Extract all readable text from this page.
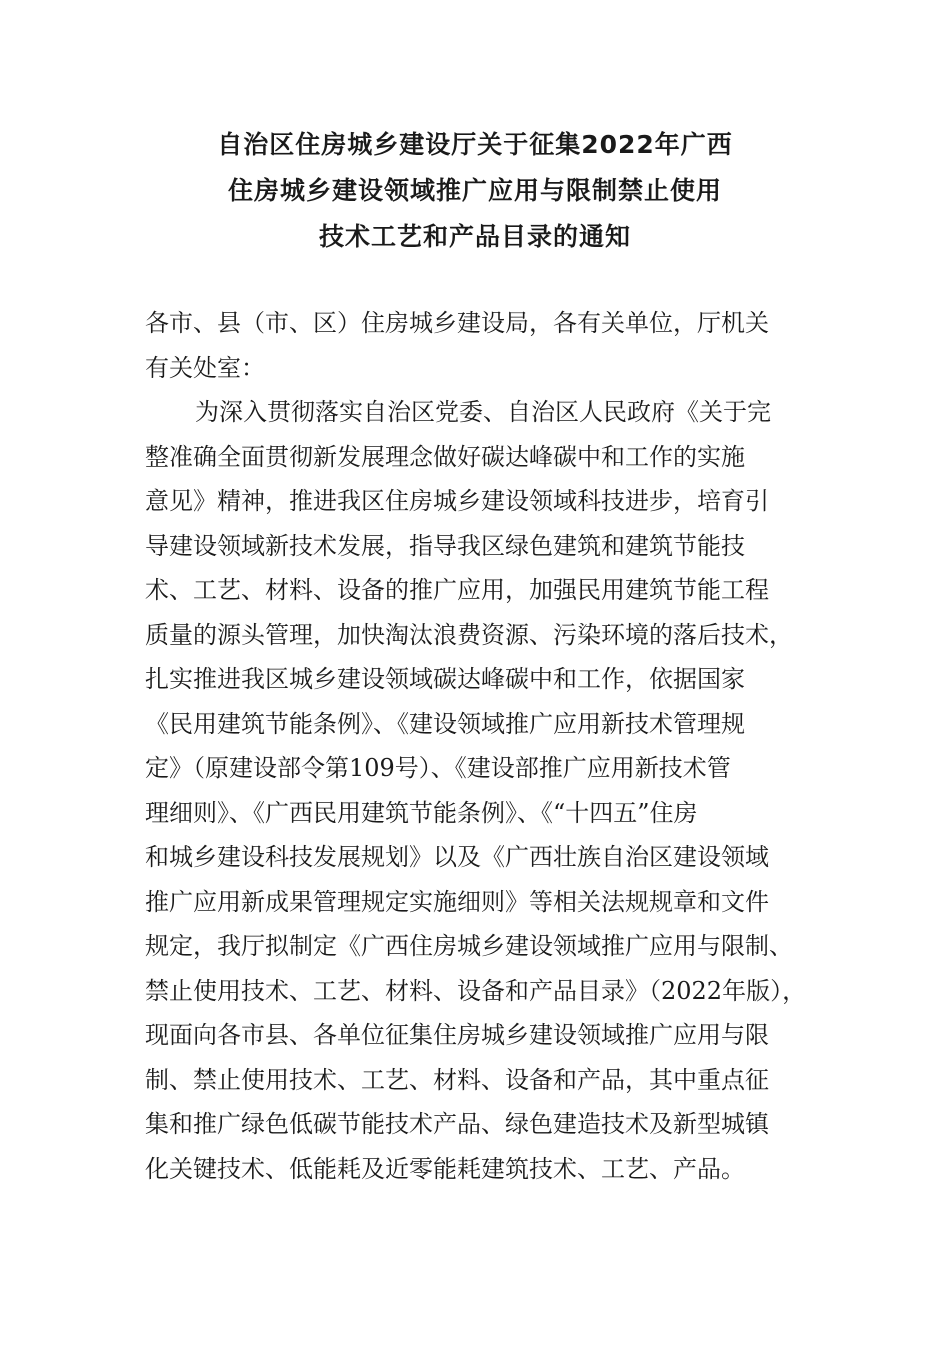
自治区住房城乡建设厅关于征集2022年广西
住房城乡建设领域推广应用与限制禁止使用
技术工艺和产品目录的通知
各市、县（市、区）住房城乡建设局，各有关单位，厅机关
有关处室：
为深入贯彻落实自治区党委、自治区人民政府《关于完
整准确全面贯彻新发展理念做好碳达峰碳中和工作的实施
意见》精神，推进我区住房城乡建设领域科技进步，培育引
导建设领域新技术发展，指导我区绿色建筑和建筑节能技
术、工艺、材料、设备的推广应用，加强民用建筑节能工程
质量的源头管理，加快淘汰浪费资源、污染环境的落后技术，
扎实推进我区城乡建设领域碳达峰碳中和工作，依据国家
《民用建筑节能条例》、《建设领域推广应用新技术管理规
定》（原建设部令第109号）、《建设部推广应用新技术管
理细则》、《广西民用建筑节能条例》、《“十四五”住房
和城乡建设科技发展规划》以及《广西壮族自治区建设领域
推广应用新成果管理规定实施细则》等相关法规规章和文件
规定，我厅拟制定《广西住房城乡建设领域推广应用与限制、
禁止使用技术、工艺、材料、设备和产品目录》（2022年版），
现面向各市县、各单位征集住房城乡建设领域推广应用与限
制、禁止使用技术、工艺、材料、设备和产品，其中重点征
集和推广绿色低碳节能技术产品、绿色建造技术及新型城镇
化关键技术、低能耗及近零能耗建筑技术、工艺、产品。
